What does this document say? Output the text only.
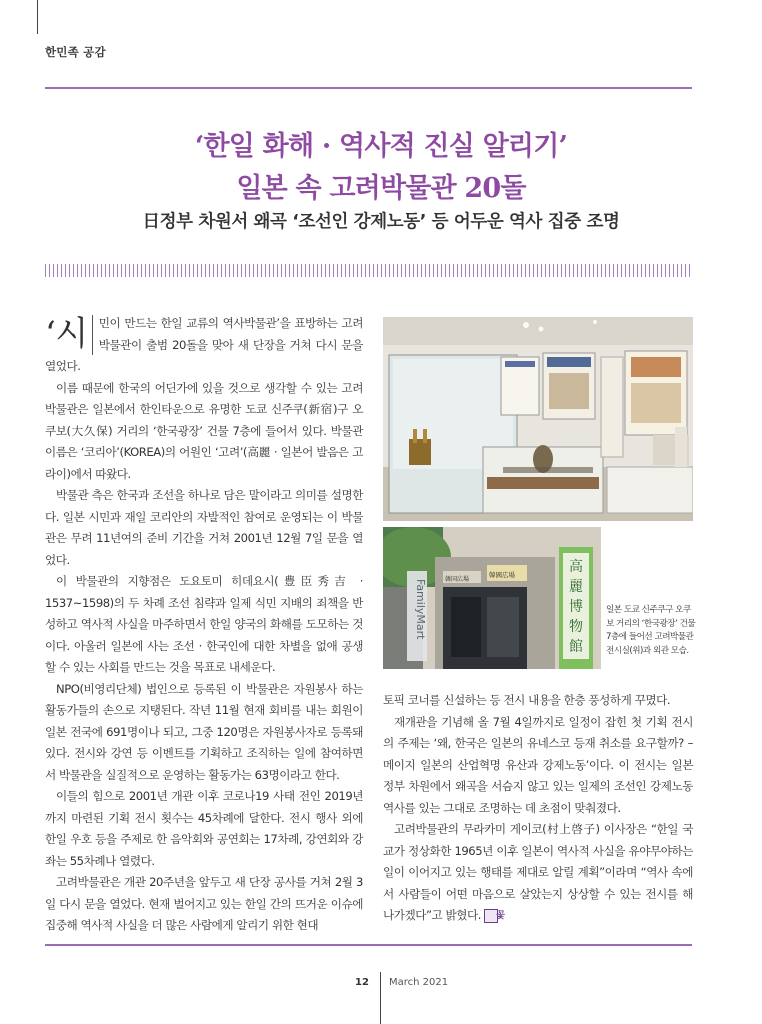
한민족 공감
‘한일 화해 · 역사적 진실 알리기’
일본 속 고려박물관 20돌
日정부 차원서 왜곡 ‘조선인 강제노동’ 등 어두운 역사 집중 조명

‘시 민이 만드는 한일 교류의 역사박물관’을 표방하는 고려박물관이 출범 20돌을 맞아 새 단장을 거쳐 다시 문을 열었다.

이름 때문에 한국의 어딘가에 있을 것으로 생각할 수 있는 고려박물관은 일본에서 한인타운으로 유명한 도쿄 신주쿠(新宿)구 오쿠보(大久保) 거리의 ‘한국광장’ 건물 7층에 들어서 있다. 박물관 이름은 ‘코리아’(KOREA)의 어원인 ‘고려’(高麗 · 일본어 발음은 고라이)에서 따왔다.

박물관 측은 한국과 조선을 하나로 담은 말이라고 의미를 설명한다. 일본 시민과 재일 코리안의 자발적인 참여로 운영되는 이 박물관은 무려 11년여의 준비 기간을 거쳐 2001년 12월 7일 문을 열었다.

이 박물관의 지향점은 도요토미 히데요시(豊臣秀吉 · 1537~1598)의 두 차례 조선 침략과 일제 식민 지배의 죄책을 반성하고 역사적 사실을 마주하면서 한일 양국의 화해를 도모하는 것이다. 아울러 일본에 사는 조선 · 한국인에 대한 차별을 없애 공생할 수 있는 사회를 만드는 것을 목표로 내세운다.

NPO(비영리단체) 법인으로 등록된 이 박물관은 자원봉사 하는 활동가들의 손으로 지탱된다. 작년 11월 현재 회비를 내는 회원이 일본 전국에 691명이나 되고, 그중 120명은 자원봉사자로 등록돼 있다. 전시와 강연 등 이벤트를 기획하고 조직하는 일에 참여하면서 박물관을 실질적으로 운영하는 활동가는 63명이라고 한다.

이들의 힘으로 2001년 개관 이후 코로나19 사태 전인 2019년까지 마련된 기획 전시 횟수는 45차례에 달한다. 전시 행사 외에 한일 우호 등을 주제로 한 음악회와 공연회는 17차례, 강연회와 강좌는 55차례나 열렸다.

고려박물관은 개관 20주년을 앞두고 새 단장 공사를 거쳐 2월 3일 다시 문을 열었다. 현재 벌어지고 있는 한일 간의 뜨거운 이슈에 집중해 역사적 사실을 더 많은 사람에게 알리기 위한 현대

FamilyMart
韓國広場
韓国広場
高
麗
博
物
館
일본 도쿄 신주쿠구 오쿠보 거리의 ‘한국광장’ 건물 7층에 들어선 고려박물관 전시실(위)과 외관 모습.

토픽 코너를 신설하는 등 전시 내용을 한층 풍성하게 꾸몄다.

재개관을 기념해 올 7월 4일까지로 일정이 잡힌 첫 기획 전시의 주제는 ‘왜, 한국은 일본의 유네스코 등재 취소를 요구할까? – 메이지 일본의 산업혁명 유산과 강제노동’이다. 이 전시는 일본 정부 차원에서 왜곡을 서슴지 않고 있는 일제의 조선인 강제노동 역사를 있는 그대로 조명하는 데 초점이 맞춰졌다.

고려박물관의 무라카미 게이코(村上啓子) 이사장은 “한일 국교가 정상화한 1965년 이후 일본이 역사적 사실을 유야무야하는 일이 이어지고 있는 행태를 제대로 알릴 계획”이라며 “역사 속에서 사람들이 어떤 마음으로 살았는지 상상할 수 있는 전시를 해 나가겠다”고 밝혔다. 꽃

12 March 2021
